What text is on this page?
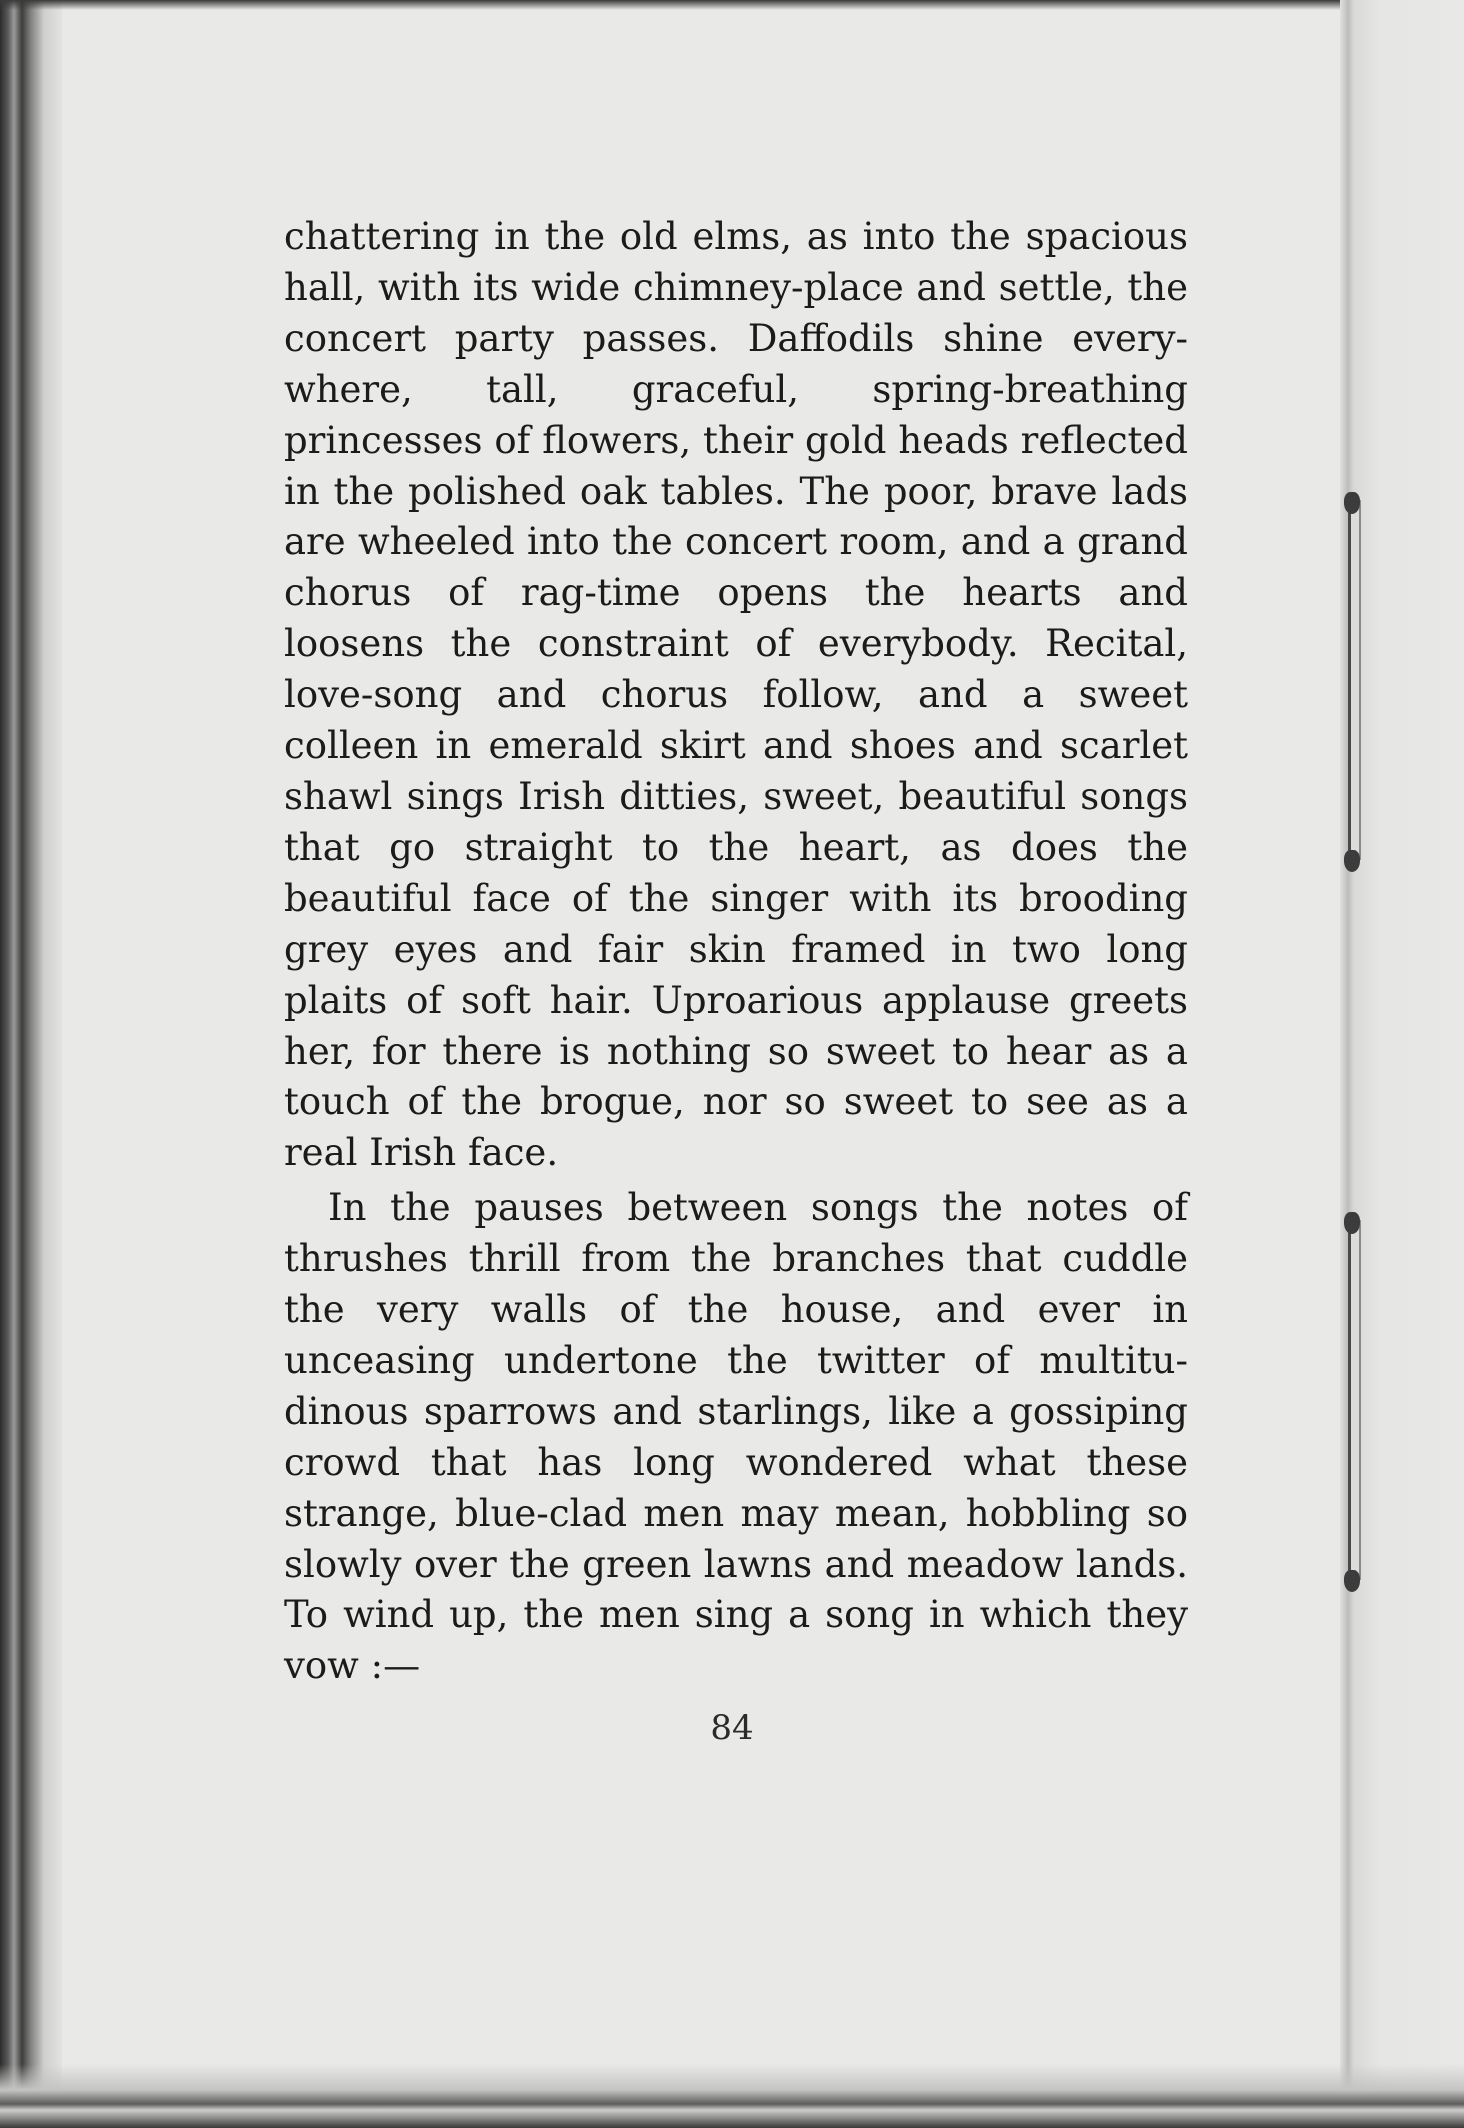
chattering in the old elms, as into the spacious hall, with its wide chimney-place and settle, the concert party passes. Daffodils shine every-where, tall, graceful, spring-breathing princesses of flowers, their gold heads reflected in the polished oak tables. The poor, brave lads are wheeled into the concert room, and a grand chorus of rag-time opens the hearts and loosens the constraint of everybody. Recital, love-song and chorus follow, and a sweet colleen in emerald skirt and shoes and scarlet shawl sings Irish ditties, sweet, beautiful songs that go straight to the heart, as does the beautiful face of the singer with its brooding grey eyes and fair skin framed in two long plaits of soft hair. Uproarious applause greets her, for there is nothing so sweet to hear as a touch of the brogue, nor so sweet to see as a real Irish face.

In the pauses between songs the notes of thrushes thrill from the branches that cuddle the very walls of the house, and ever in unceasing undertone the twitter of multitu-dinous sparrows and starlings, like a gossiping crowd that has long wondered what these strange, blue-clad men may mean, hobbling so slowly over the green lawns and meadow lands. To wind up, the men sing a song in which they vow :—

84
